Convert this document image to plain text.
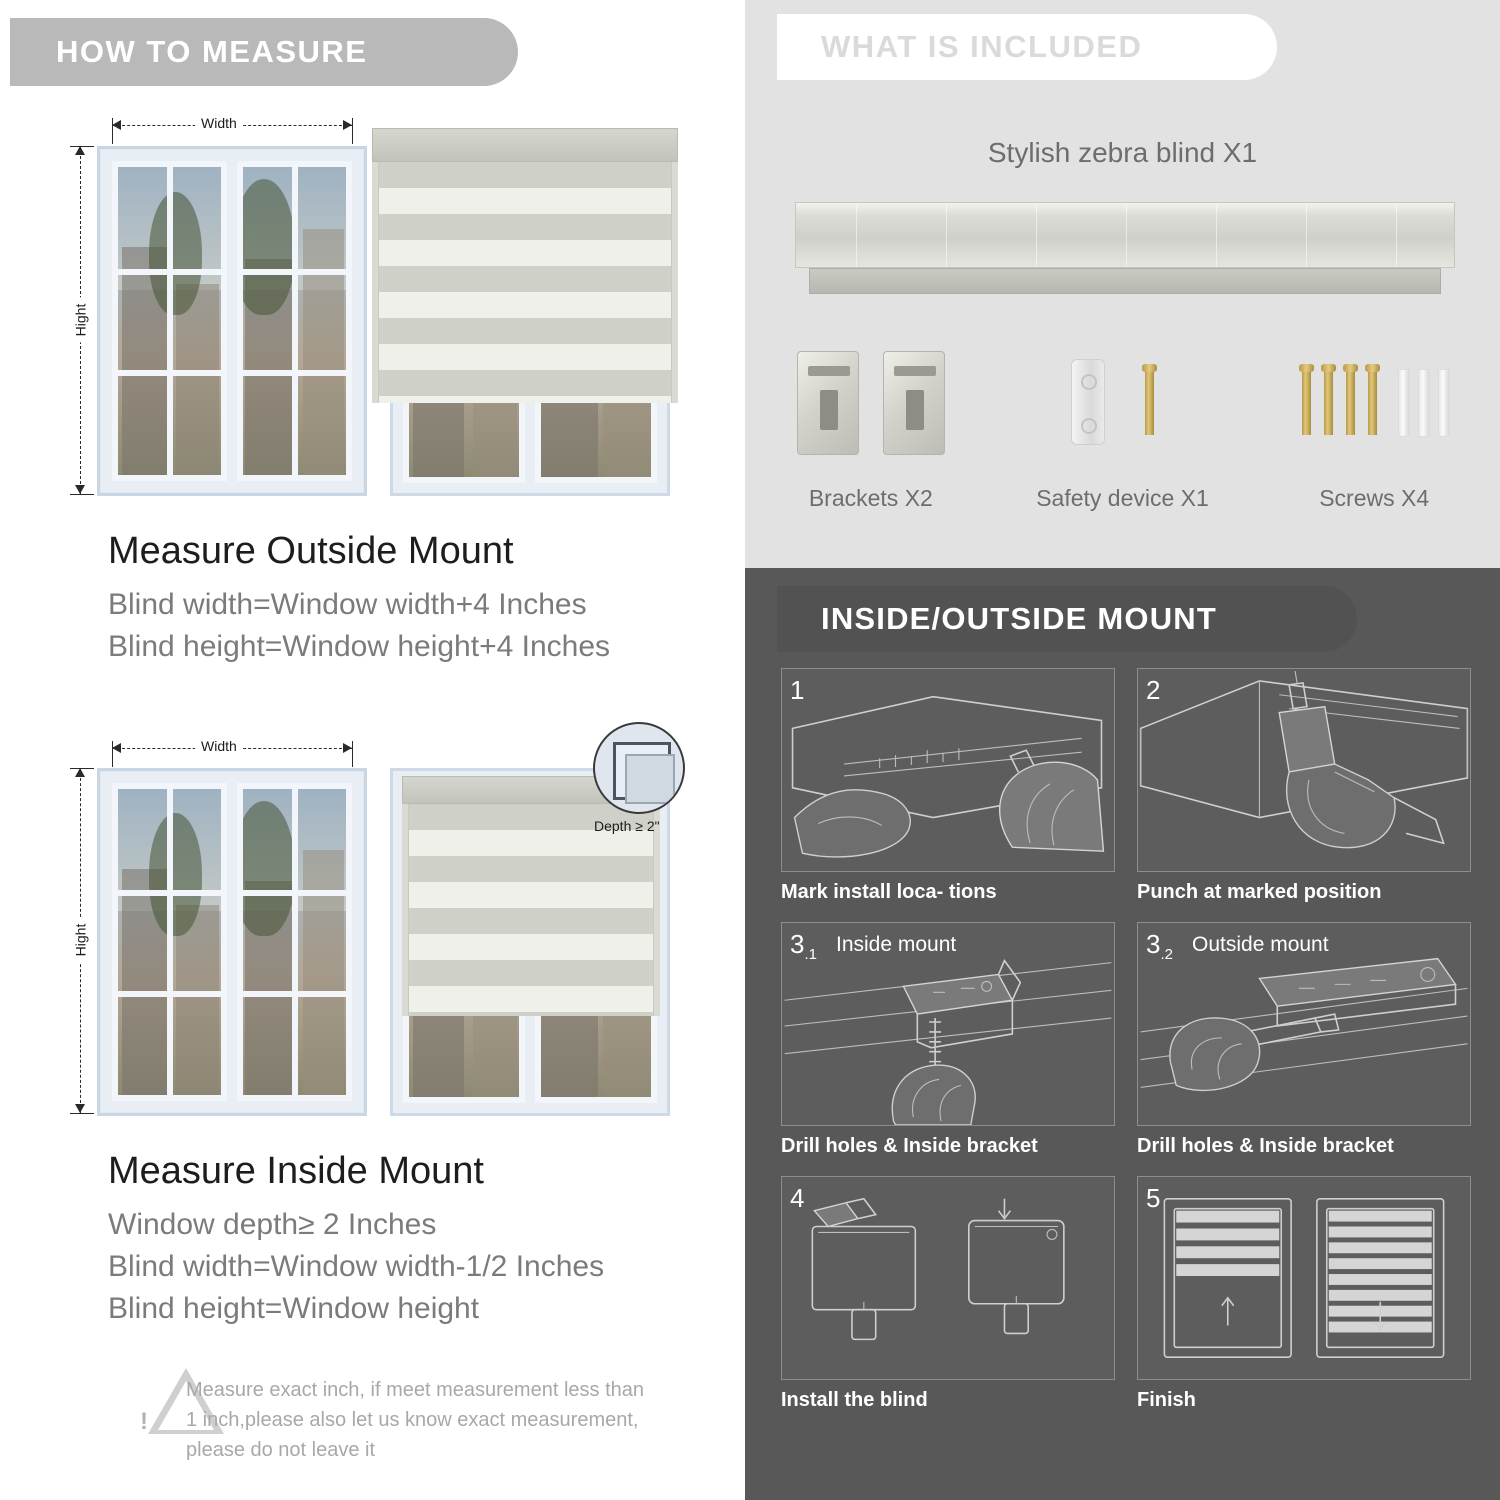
HOW TO MEASURE
Width
Hight
Measure Outside Mount
Blind width=Window width+4 Inches
Blind height=Window height+4 Inches
Width
Hight
Depth ≥ 2"
Measure Inside Mount
Window depth≥ 2 Inches
Blind width=Window width-1/2 Inches
Blind height=Window height
!
Measure exact inch, if meet measurement less than 1 inch,please also let us know exact measurement, please do not leave it
WHAT IS INCLUDED
Stylish zebra blind X1
Brackets X2	Safety device X1	Screws X4
INSIDE/OUTSIDE MOUNT
1
Mark install loca- tions
2
Punch at marked position
$3_{.1}$ Inside mount
Drill holes & Inside bracket
$3_{.2}$ Outside mount
Drill holes & Inside bracket
4
Install the blind
5
Finish
